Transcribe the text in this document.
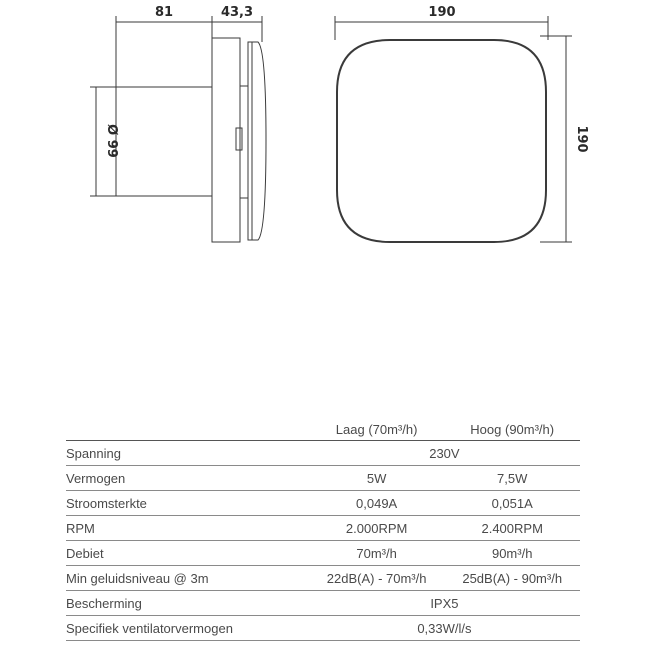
81	43,3
Ø 99
190
190
	Laag (70m³/h)	Hoog (90m³/h)
Spanning	230V	
Vermogen	5W	7,5W
Stroomsterkte	0,049A	0,051A
RPM	2.000RPM	2.400RPM
Debiet	70m³/h	90m³/h
Min geluidsniveau @ 3m	22dB(A) - 70m³/h	25dB(A) - 90m³/h
Bescherming	IPX5	
Specifiek ventilatorvermogen	0,33W/l/s	
